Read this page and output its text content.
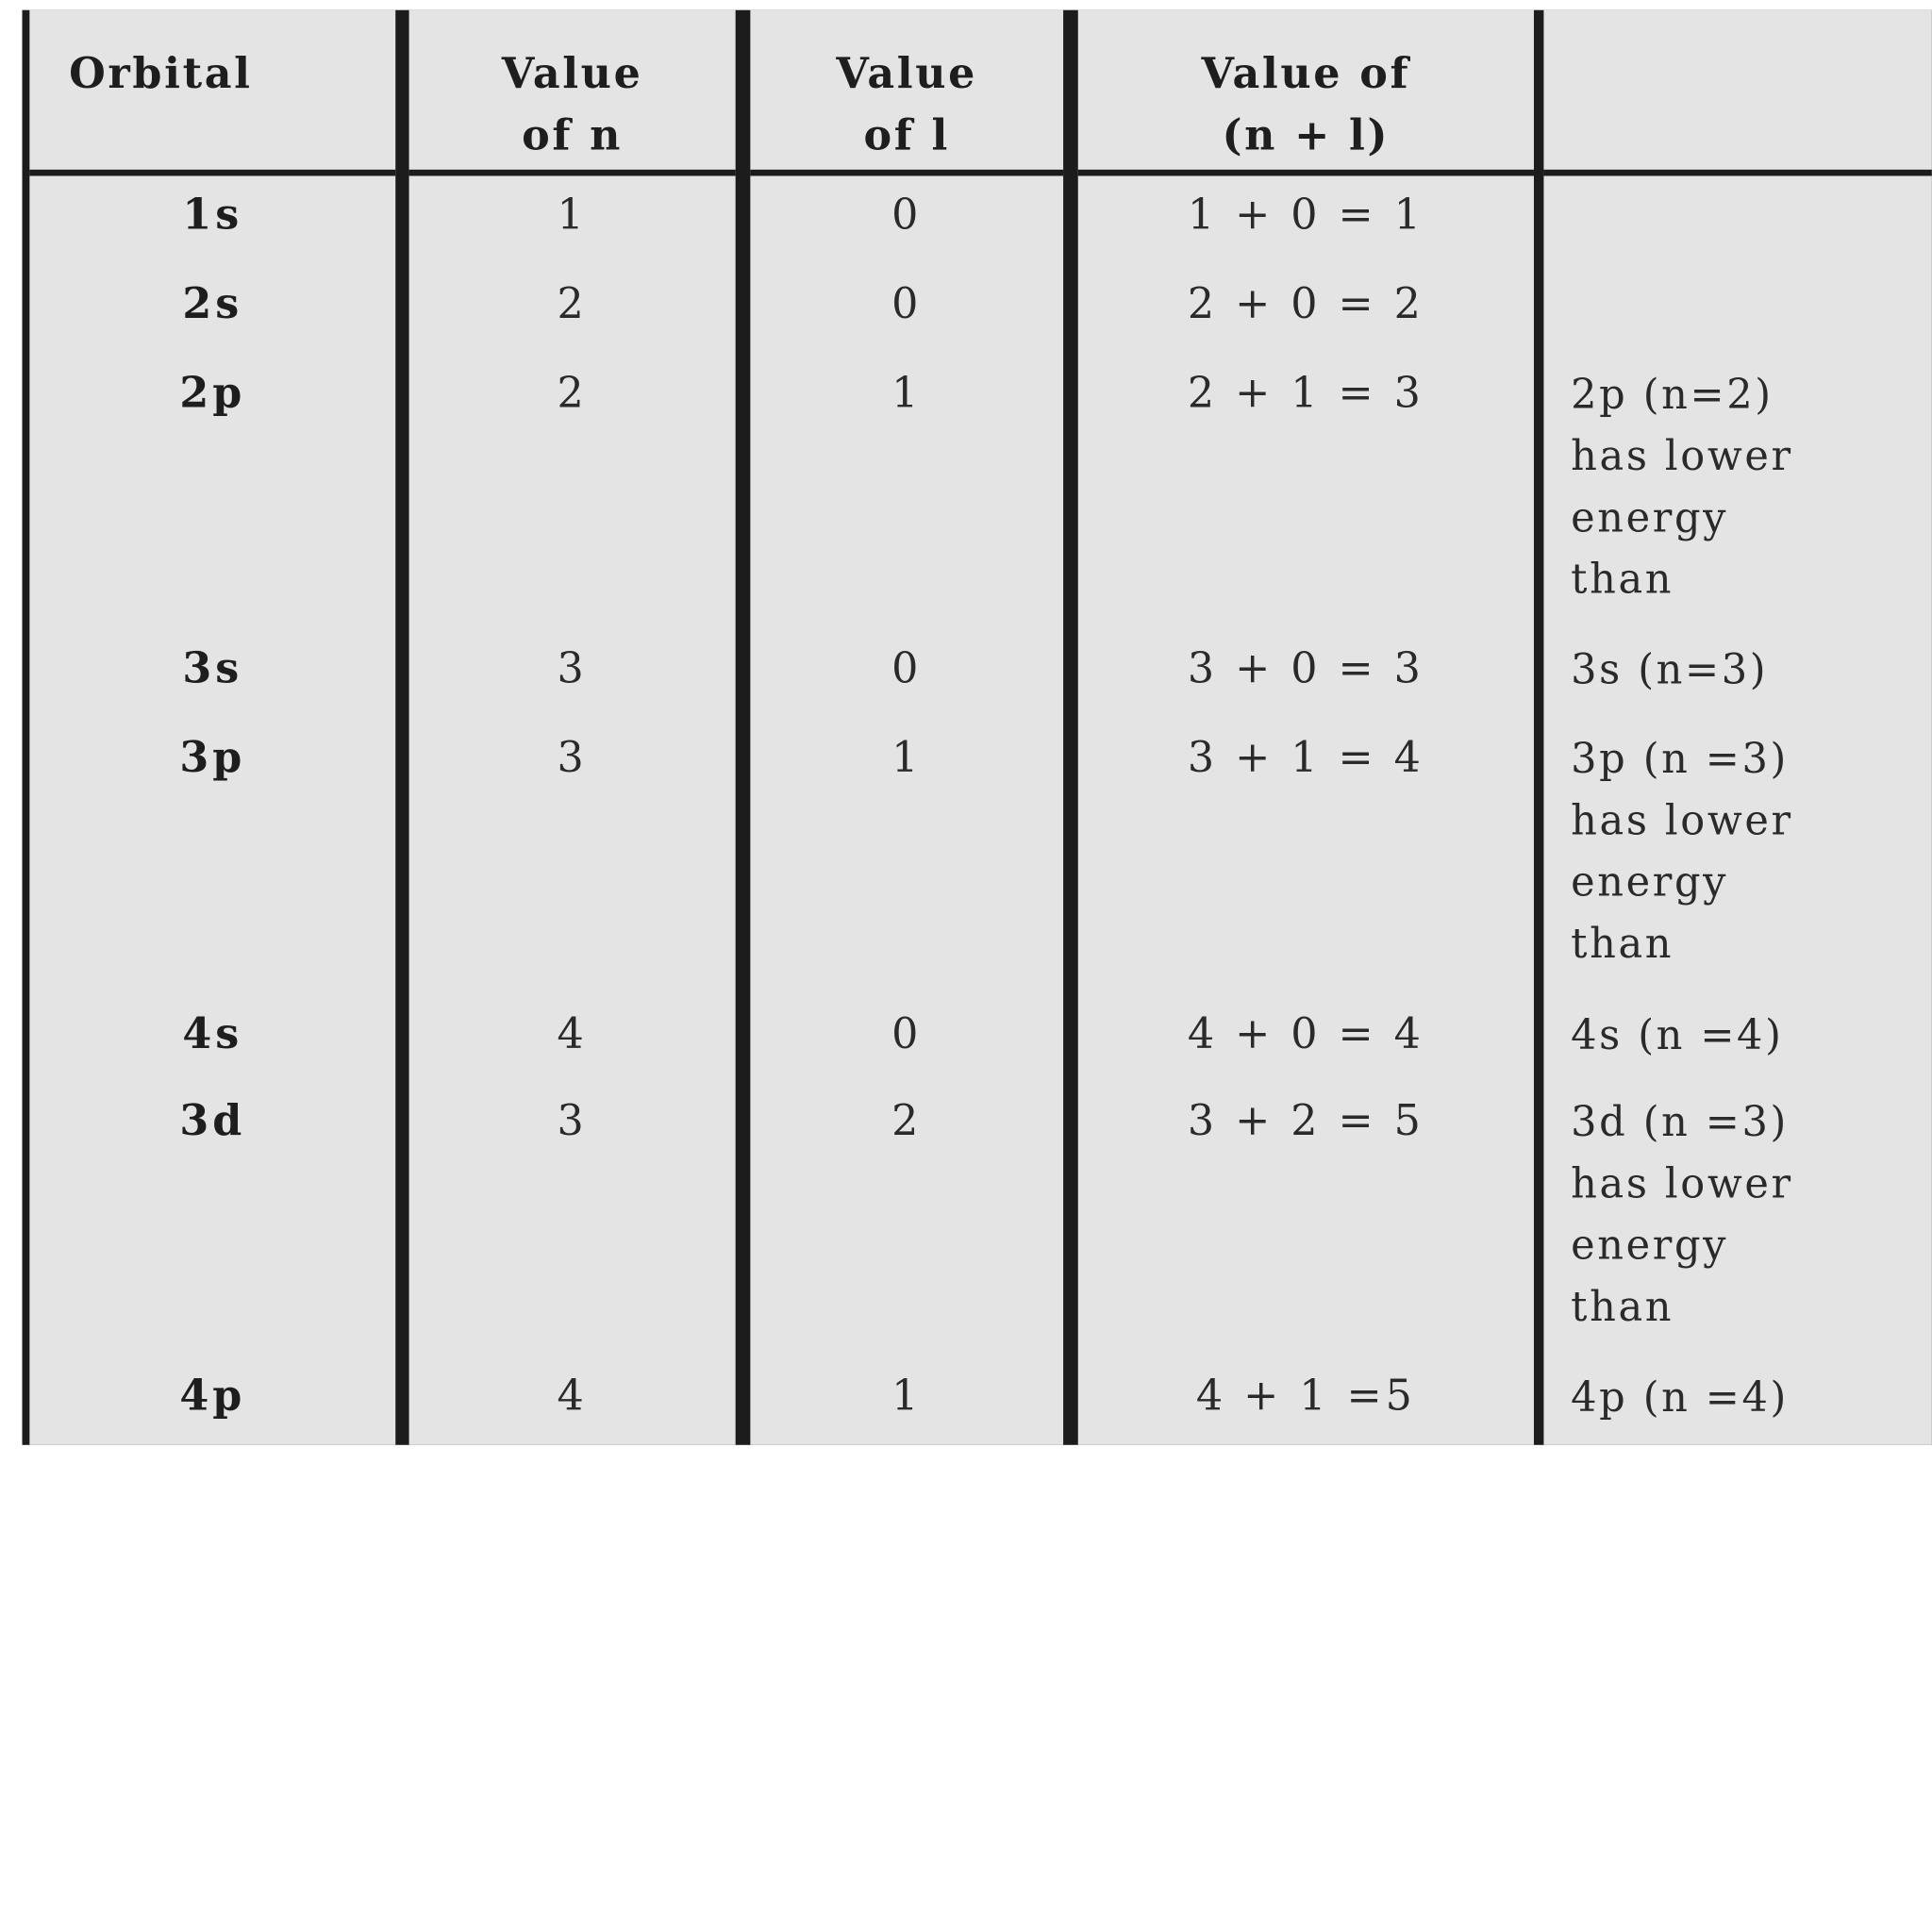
Orbital
1s
2s
2p
3s
3p
4s
3d
4p
Value
of n
1
2
2
3
3
4
3
4
Value
of l
0
0
1
0
1
0
2
1
Value of
(n + l)
1 + 0 = 1
2 + 0 = 2
2 + 1 = 3
3 + 0 = 3
3 + 1 = 4
4 + 0 = 4
3 + 2 = 5
4 + 1 =5
2p (n=2)
has lower
energy
than
3s (n=3)
3p (n =3)
has lower
energy
than
4s (n =4)
3d (n =3)
has lower
energy
than
4p (n =4)
